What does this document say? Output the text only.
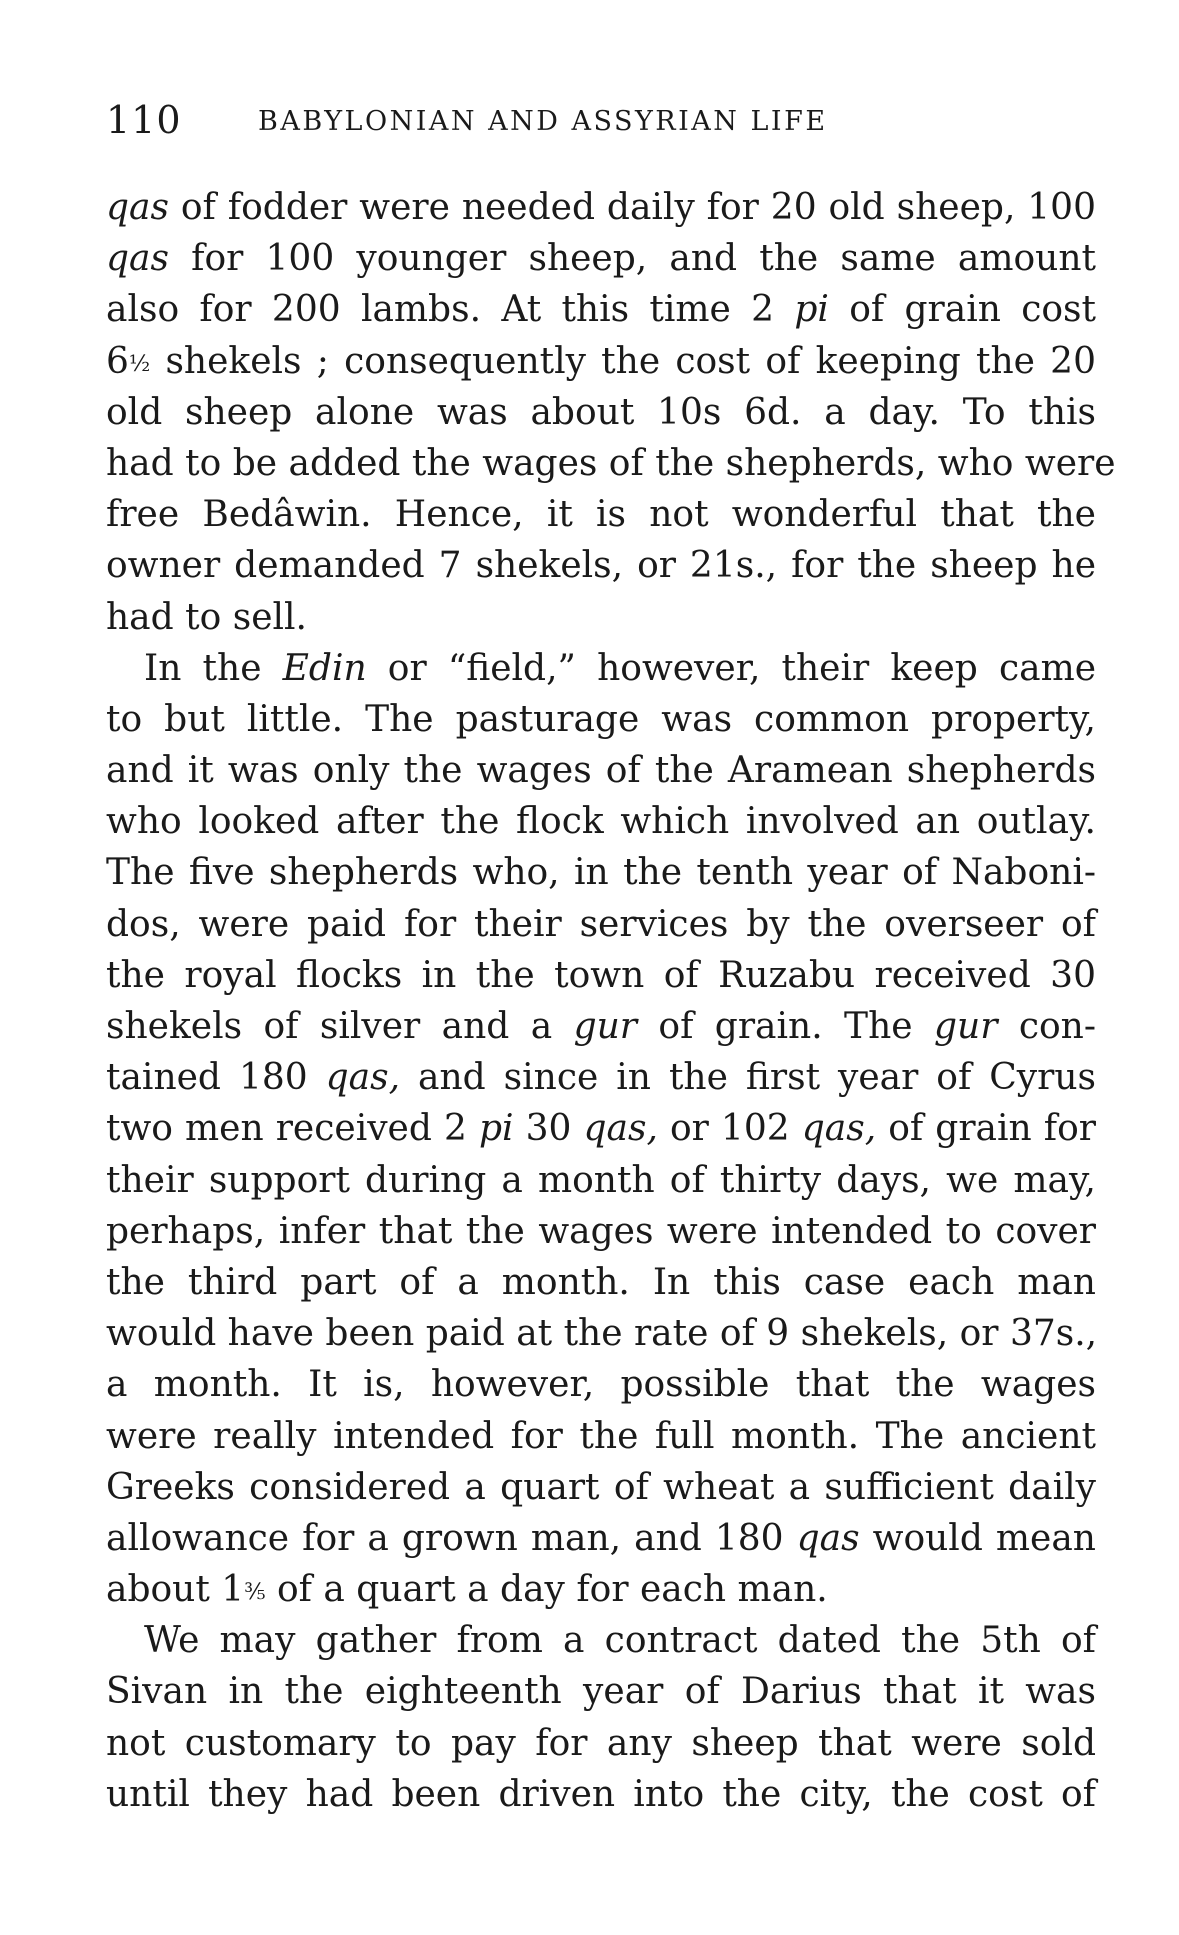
110	BABYLONIAN AND ASSYRIAN LIFE
qas of fodder were needed daily for 20 old sheep, 100
qas for 100 younger sheep, and the same amount
also for 200 lambs. At this time 2 pi of grain cost
6½ shekels ; consequently the cost of keeping the 20
old sheep alone was about 10s 6d. a day. To this
had to be added the wages of the shepherds, who were
free Bedâwin. Hence, it is not wonderful that the
owner demanded 7 shekels, or 21s., for the sheep he
had to sell.
In the Edin or “field,” however, their keep came
to but little. The pasturage was common property,
and it was only the wages of the Aramean shepherds
who looked after the flock which involved an outlay.
The five shepherds who, in the tenth year of Naboni-
dos, were paid for their services by the overseer of
the royal flocks in the town of Ruzabu received 30
shekels of silver and a gur of grain. The gur con-
tained 180 qas, and since in the first year of Cyrus
two men received 2 pi 30 qas, or 102 qas, of grain for
their support during a month of thirty days, we may,
perhaps, infer that the wages were intended to cover
the third part of a month. In this case each man
would have been paid at the rate of 9 shekels, or 37s.,
a month. It is, however, possible that the wages
were really intended for the full month. The ancient
Greeks considered a quart of wheat a sufficient daily
allowance for a grown man, and 180 qas would mean
about 1⅗ of a quart a day for each man.
We may gather from a contract dated the 5th of
Sivan in the eighteenth year of Darius that it was
not customary to pay for any sheep that were sold
until they had been driven into the city, the cost of
